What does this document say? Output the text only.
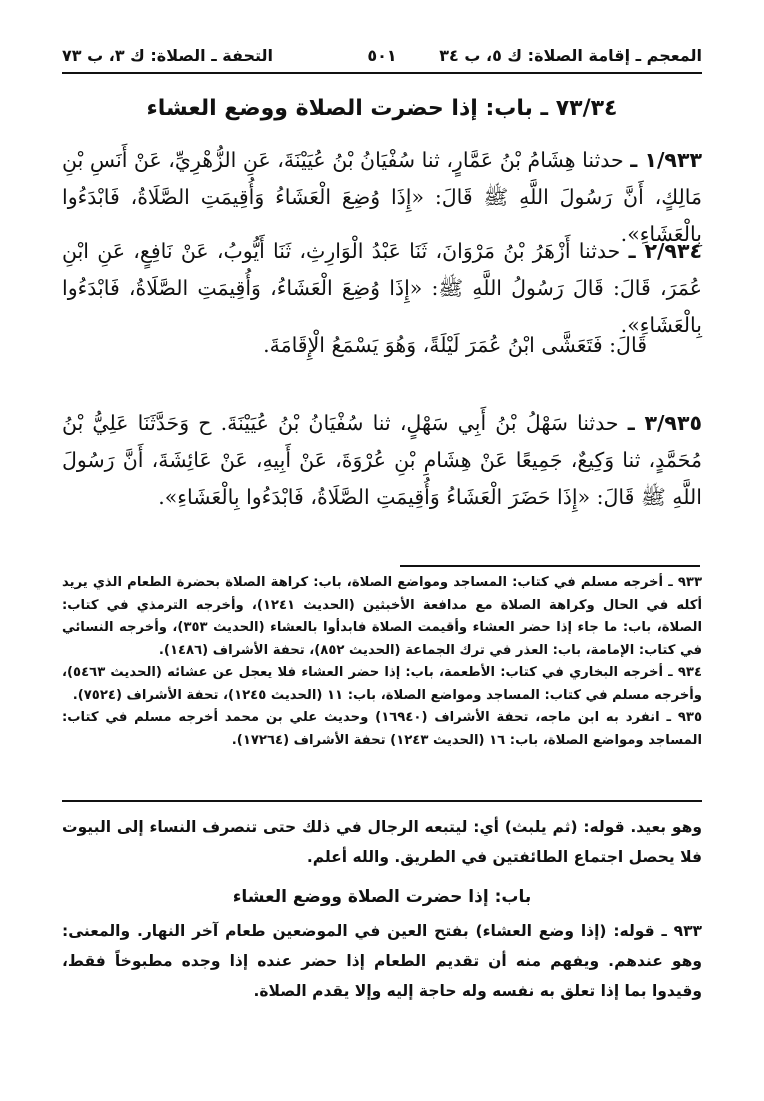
المعجم ـ إقامة الصلاة: ك ٥، ب ٣٤
٥٠١
التحفة ـ الصلاة: ك ٣، ب ٧٣
٧٣/٣٤ ـ باب: إذا حضرت الصلاة ووضع العشاء
١/٩٣٣ ـ حدثنا هِشَامُ بْنُ عَمَّارٍ، ثنا سُفْيَانُ بْنُ عُيَيْنَةَ، عَنِ الزُّهْرِيِّ، عَنْ أَنَسِ بْنِ مَالِكٍ، أَنَّ رَسُولَ اللَّهِ ﷺ قَالَ: «إِذَا وُضِعَ الْعَشَاءُ وَأُقِيمَتِ الصَّلَاةُ، فَابْدَءُوا بِالْعَشَاءِ».
٢/٩٣٤ ـ حدثنا أَزْهَرُ بْنُ مَرْوَانَ، ثَنَا عَبْدُ الْوَارِثِ، ثَنَا أَيُّوبُ، عَنْ نَافِعٍ، عَنِ ابْنِ عُمَرَ، قَالَ: قَالَ رَسُولُ اللَّهِ ﷺ: «إِذَا وُضِعَ الْعَشَاءُ، وَأُقِيمَتِ الصَّلَاةُ، فَابْدَءُوا بِالْعَشَاءِ».
قَالَ: فَتَعَشَّى ابْنُ عُمَرَ لَيْلَةً، وَهُوَ يَسْمَعُ الْإِقَامَةَ.
٣/٩٣٥ ـ حدثنا سَهْلُ بْنُ أَبِي سَهْلٍ، ثنا سُفْيَانُ بْنُ عُيَيْنَةَ. ح وَحَدَّثَنَا عَلِيُّ بْنُ مُحَمَّدٍ، ثنا وَكِيعٌ، جَمِيعًا عَنْ هِشَامِ بْنِ عُرْوَةَ، عَنْ أَبِيهِ، عَنْ عَائِشَةَ، أَنَّ رَسُولَ اللَّهِ ﷺ قَالَ: «إِذَا حَضَرَ الْعَشَاءُ وَأُقِيمَتِ الصَّلَاةُ، فَابْدَءُوا بِالْعَشَاءِ».

٩٣٣ ـ أخرجه مسلم في كتاب: المساجد ومواضع الصلاة، باب: كراهة الصلاة بحضرة الطعام الذي يريد أكله في الحال وكراهة الصلاة مع مدافعة الأخبثين (الحديث ١٢٤١)، وأخرجه الترمذي في كتاب: الصلاة، باب: ما جاء إذا حضر العشاء وأقيمت الصلاة فابدأوا بالعشاء (الحديث ٣٥٣)، وأخرجه النسائي في كتاب: الإمامة، باب: العذر في ترك الجماعة (الحديث ٨٥٢)، تحفة الأشراف (١٤٨٦).

٩٣٤ ـ أخرجه البخاري في كتاب: الأطعمة، باب: إذا حضر العشاء فلا يعجل عن عشائه (الحديث ٥٤٦٣)، وأخرجه مسلم في كتاب: المساجد ومواضع الصلاة، باب: ١١ (الحديث ١٢٤٥)، تحفة الأشراف (٧٥٢٤).

٩٣٥ ـ انفرد به ابن ماجه، تحفة الأشراف (١٦٩٤٠) وحديث علي بن محمد أخرجه مسلم في كتاب: المساجد ومواضع الصلاة، باب: ١٦ (الحديث ١٢٤٣) تحفة الأشراف (١٧٢٦٤).

وهو بعيد. قوله: (ثم يلبث) أي: ليتبعه الرجال في ذلك حتى تنصرف النساء إلى البيوت فلا يحصل اجتماع الطائفتين في الطريق. والله أعلم.

باب: إذا حضرت الصلاة ووضع العشاء

٩٣٣ ـ قوله: (إذا وضع العشاء) بفتح العين في الموضعين طعام آخر النهار. والمعنى: وهو عندهم. ويفهم منه أن تقديم الطعام إذا حضر عنده إذا وجده مطبوخاً فقط، وقيدوا بما إذا تعلق به نفسه وله حاجة إليه وإلا يقدم الصلاة.
